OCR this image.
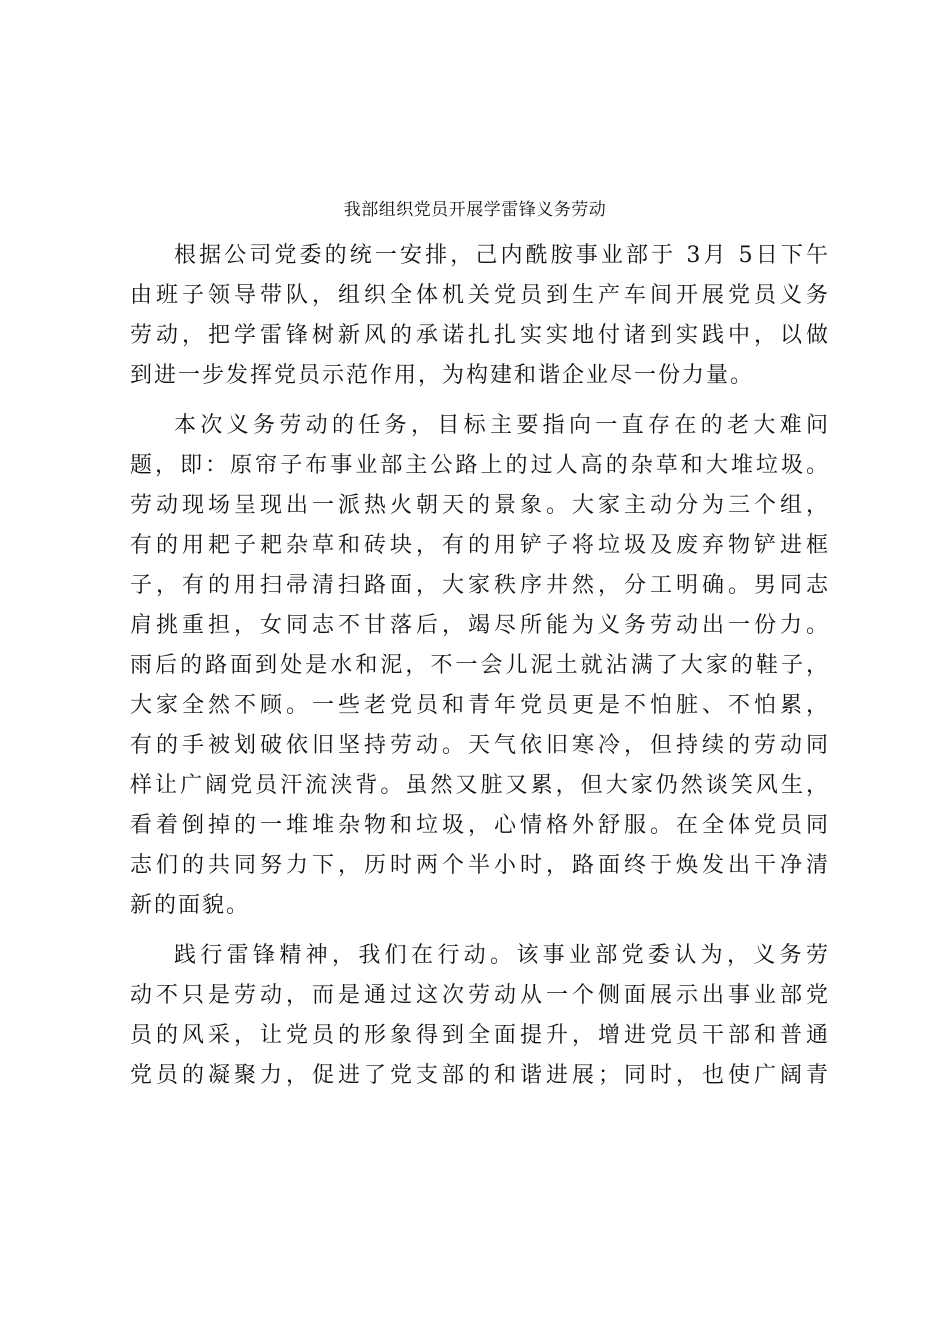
我部组织党员开展学雷锋义务劳动
根据公司党委的统一安排，己内酰胺事业部于 3月 5日下午
由班子领导带队，组织全体机关党员到生产车间开展党员义务
劳动，把学雷锋树新风的承诺扎扎实实地付诸到实践中，以做
到进一步发挥党员示范作用，为构建和谐企业尽一份力量。
本次义务劳动的任务，目标主要指向一直存在的老大难问
题，即：原帘子布事业部主公路上的过人高的杂草和大堆垃圾。
劳动现场呈现出一派热火朝天的景象。大家主动分为三个组，
有的用耙子耙杂草和砖块，有的用铲子将垃圾及废弃物铲进框
子，有的用扫帚清扫路面，大家秩序井然，分工明确。男同志
肩挑重担，女同志不甘落后，竭尽所能为义务劳动出一份力。
雨后的路面到处是水和泥，不一会儿泥土就沾满了大家的鞋子，
大家全然不顾。一些老党员和青年党员更是不怕脏、不怕累，
有的手被划破依旧坚持劳动。天气依旧寒冷，但持续的劳动同
样让广阔党员汗流浃背。虽然又脏又累，但大家仍然谈笑风生，
看着倒掉的一堆堆杂物和垃圾，心情格外舒服。在全体党员同
志们的共同努力下，历时两个半小时，路面终于焕发出干净清
新的面貌。
践行雷锋精神，我们在行动。该事业部党委认为，义务劳
动不只是劳动，而是通过这次劳动从一个侧面展示出事业部党
员的风采，让党员的形象得到全面提升，增进党员干部和普通
党员的凝聚力，促进了党支部的和谐进展；同时，也使广阔青
